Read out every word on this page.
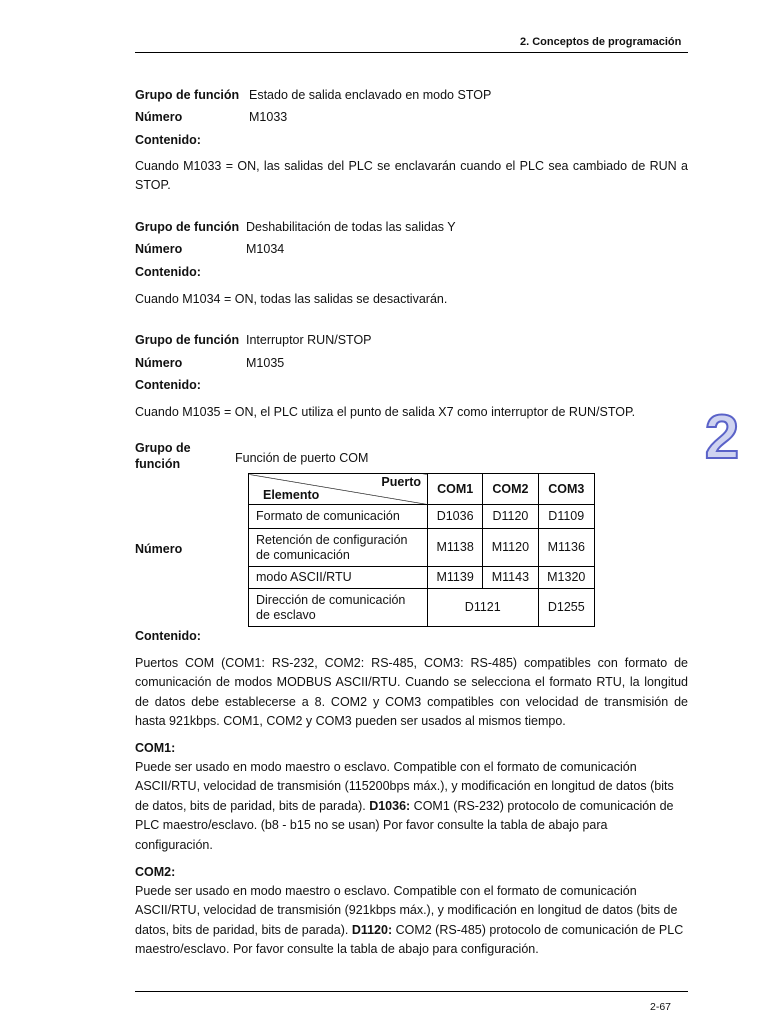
2. Conceptos de programación
2
Grupo de función Estado de salida enclavado en modo STOP
Número	M1033
Contenido:
Cuando M1033 = ON, las salidas del PLC se enclavarán cuando el PLC sea cambiado de RUN a STOP.
Grupo de función Deshabilitación de todas las salidas Y
Número	M1034
Contenido:
Cuando M1034 = ON, todas las salidas se desactivarán.
Grupo de función Interruptor RUN/STOP
Número	M1035
Contenido:
Cuando M1035 = ON, el PLC utiliza el punto de salida X7 como interruptor de RUN/STOP.
Grupo de
función	Función de puerto COM
Número
Puerto
Elemento	COM1	COM2	COM3
Formato de comunicación	D1036	D1120	D1109
Retención de configuración de comunicación	M1138	M1120	M1136
modo ASCII/RTU	M1139	M1143	M1320
Dirección de comunicación de esclavo	D1121		D1255
Contenido:
Puertos COM (COM1: RS-232, COM2: RS-485, COM3: RS-485) compatibles con formato de comunicación de modos MODBUS ASCII/RTU. Cuando se selecciona el formato RTU, la longitud de datos debe establecerse a 8. COM2 y COM3 compatibles con velocidad de transmisión de hasta 921kbps. COM1, COM2 y COM3 pueden ser usados al mismos tiempo.
COM1:
Puede ser usado en modo maestro o esclavo. Compatible con el formato de comunicación ASCII/RTU, velocidad de transmisión (115200bps máx.), y modificación en longitud de datos (bits de datos, bits de paridad, bits de parada). D1036: COM1 (RS-232) protocolo de comunicación de PLC maestro/esclavo. (b8 - b15 no se usan) Por favor consulte la tabla de abajo para configuración.
COM2:
Puede ser usado en modo maestro o esclavo. Compatible con el formato de comunicación ASCII/RTU, velocidad de transmisión (921kbps máx.), y modificación en longitud de datos (bits de datos, bits de paridad, bits de parada). D1120: COM2 (RS-485) protocolo de comunicación de PLC maestro/esclavo. Por favor consulte la tabla de abajo para configuración.
2-67
